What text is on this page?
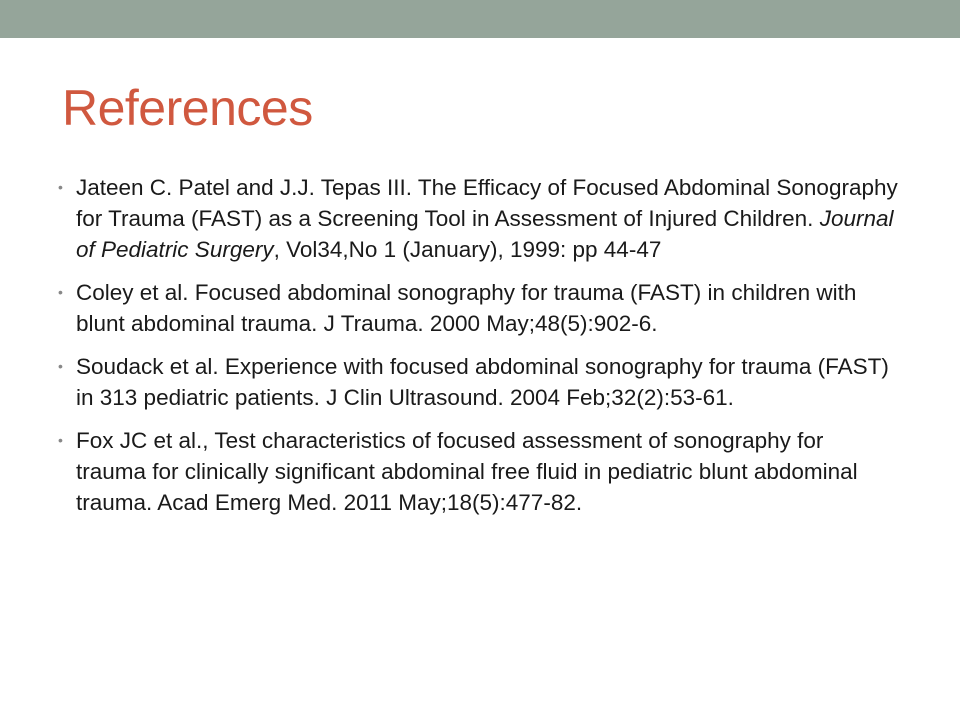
References
• Jateen C. Patel and J.J. Tepas III. The Efficacy of Focused Abdominal Sonography for Trauma (FAST) as a Screening Tool in Assessment of Injured Children. Journal of Pediatric Surgery, Vol34,No 1 (January), 1999: pp 44-47
• Coley et al. Focused abdominal sonography for trauma (FAST) in children with blunt abdominal trauma. J Trauma. 2000 May;48(5):902-6.
• Soudack et al. Experience with focused abdominal sonography for trauma (FAST) in 313 pediatric patients. J Clin Ultrasound. 2004 Feb;32(2):53-61.
• Fox JC et al., Test characteristics of focused assessment of sonography for trauma for clinically significant abdominal free fluid in pediatric blunt abdominal trauma. Acad Emerg Med. 2011 May;18(5):477-82.
